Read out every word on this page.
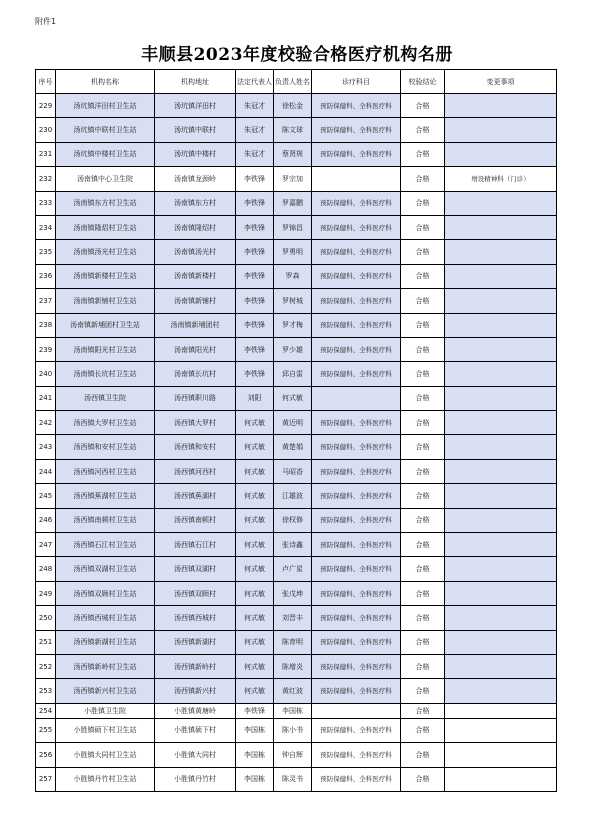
附件1
丰顺县2023年度校验合格医疗机构名册
序号	机构名称	机构地址	法定代表人	负责人姓名	诊疗科目	校验结论	变更事项
229	汤坑镇洋田村卫生站	汤坑镇洋田村	朱冠才	徐松金	预防保健科、全科医疗科	合格	
230	汤坑镇中联村卫生站	汤坑镇中联村	朱冠才	陈文球	预防保健科、全科医疗科	合格	
231	汤坑镇中楼村卫生站	汤坑镇中楼村	朱冠才	蔡贤规	预防保健科、全科医疗科	合格	
232	汤南镇中心卫生院	汤南镇龙颈岭	李铁锋	罗宗加		合格	增设精神科（门诊）
233	汤南镇东方村卫生站	汤南镇东方村	李铁锋	罗嘉鹏	预防保健科、全科医疗科	合格	
234	汤南镇隆炤村卫生站	汤南镇隆炤村	李铁锋	罗锦昌	预防保健科、全科医疗科	合格	
235	汤南镇汤光村卫生站	汤南镇汤光村	李铁锋	罗勇明	预防保健科、全科医疗科	合格	
236	汤南镇新楼村卫生站	汤南镇新楼村	李铁锋	罗森	预防保健科、全科医疗科	合格	
237	汤南镇新铺村卫生站	汤南镇新铺村	李铁锋	罗树城	预防保健科、全科医疗科	合格	
238	汤南镇新埔团村卫生站	汤南镇新埔团村	李铁锋	罗才梅	预防保健科、全科医疗科	合格	
239	汤南镇阳光村卫生站	汤南镇阳光村	李铁锋	罗少雄	预防保健科、全科医疗科	合格	
240	汤南镇长坑村卫生站	汤南镇长坑村	李铁锋	邱自雷	预防保健科、全科医疗科	合格	
241	汤西镇卫生院	汤西镇职川路	刘阳	何式敏		合格	
242	汤西镇大罗村卫生站	汤西镇大罗村	何式敏	黄近明	预防保健科、全科医疗科	合格	
243	汤西镇和安村卫生站	汤西镇和安村	何式敏	黄楚娟	预防保健科、全科医疗科	合格	
244	汤西镇河西村卫生站	汤西镇河西村	何式敏	马昭香	预防保健科、全科医疗科	合格	
245	汤西镇蕉湖村卫生站	汤西镇蕉湖村	何式敏	江雄波	预防保健科、全科医疗科	合格	
246	汤西镇南顿村卫生站	汤西镇南顿村	何式敏	徐权修	预防保健科、全科医疗科	合格	
247	汤西镇石江村卫生站	汤西镇石江村	何式敏	张诗鑫	预防保健科、全科医疗科	合格	
248	汤西镇双湖村卫生站	汤西镇双湖村	何式敏	卢广星	预防保健科、全科医疗科	合格	
249	汤西镇双顾村卫生站	汤西镇双顾村	何式敏	张戊坤	预防保健科、全科医疗科	合格	
250	汤西镇西城村卫生站	汤西镇西城村	何式敏	刘晋丰	预防保健科、全科医疗科	合格	
251	汤西镇新湖村卫生站	汤西镇新湖村	何式敏	陈育明	预防保健科、全科医疗科	合格	
252	汤西镇新岭村卫生站	汤西镇新岭村	何式敏	陈增炎	预防保健科、全科医疗科	合格	
253	汤西镇新兴村卫生站	汤西镇新兴村	何式敏	黄红波	预防保健科、全科医疗科	合格	
254	小胜镇卫生院	小胜镇黄塘岭	李铁锋	李国栋		合格	
255	小胜镇硕下村卫生站	小胜镇硕下村	李国栋	陈小书	预防保健科、全科医疗科	合格	
256	小胜镇大同村卫生站	小胜镇大同村	李国栋	钟自辉	预防保健科、全科医疗科	合格	
257	小胜镇丹竹村卫生站	小胜镇丹竹村	李国栋	陈灵书	预防保健科、全科医疗科	合格	
